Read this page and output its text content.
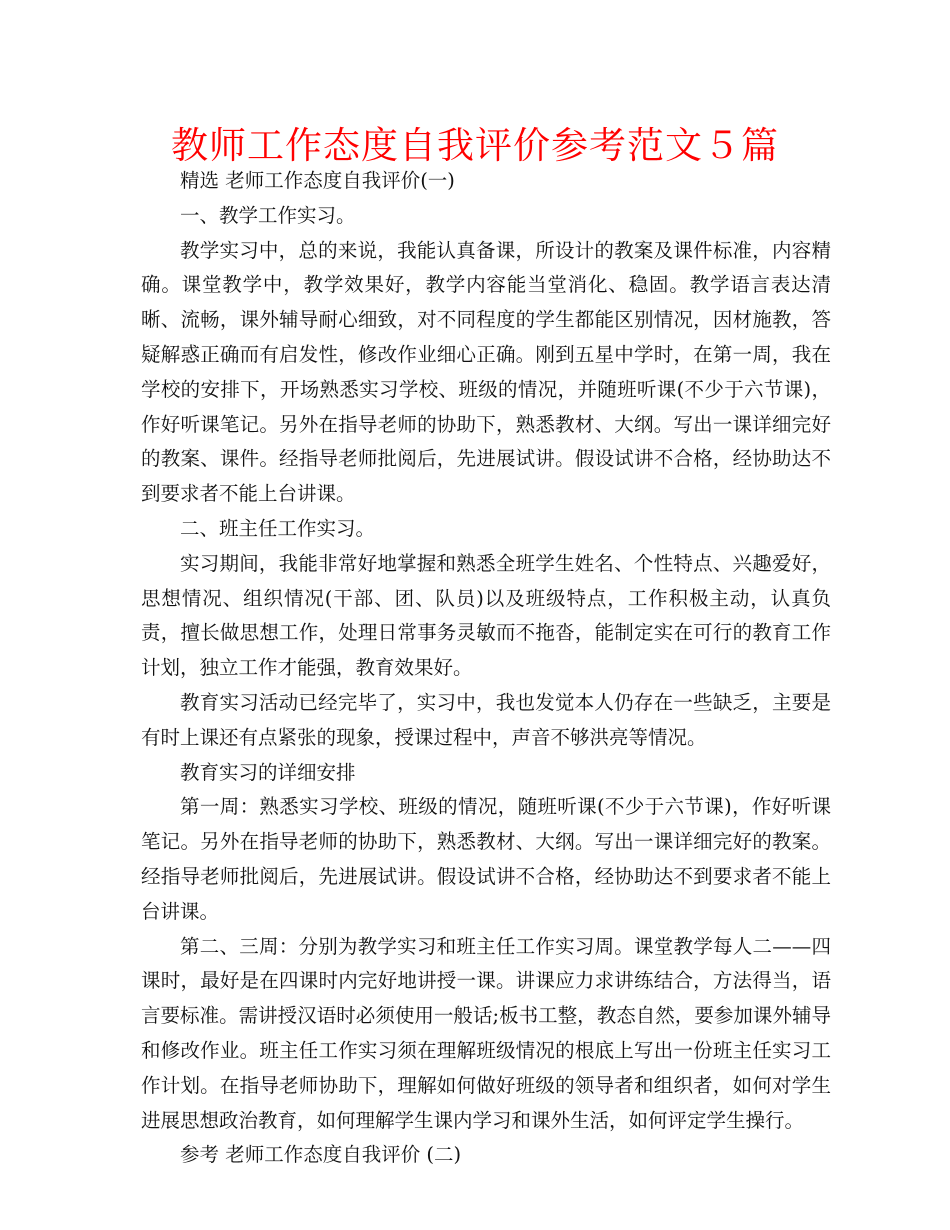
教师工作态度自我评价参考范文５篇

精选 老师工作态度自我评价(一)

一、教学工作实习。

教学实习中，总的来说，我能认真备课，所设计的教案及课件标准，内容精确。课堂教学中，教学效果好，教学内容能当堂消化、稳固。教学语言表达清晰、流畅，课外辅导耐心细致，对不同程度的学生都能区别情况，因材施教，答疑解惑正确而有启发性，修改作业细心正确。刚到五星中学时，在第一周，我在学校的安排下，开场熟悉实习学校、班级的情况，并随班听课(不少于六节课)，作好听课笔记。另外在指导老师的协助下，熟悉教材、大纲。写出一课详细完好的教案、课件。经指导老师批阅后，先进展试讲。假设试讲不合格，经协助达不到要求者不能上台讲课。

二、班主任工作实习。

实习期间，我能非常好地掌握和熟悉全班学生姓名、个性特点、兴趣爱好，思想情况、组织情况(干部、团、队员)以及班级特点，工作积极主动，认真负责，擅长做思想工作，处理日常事务灵敏而不拖沓，能制定实在可行的教育工作计划，独立工作才能强，教育效果好。

教育实习活动已经完毕了，实习中，我也发觉本人仍存在一些缺乏，主要是有时上课还有点紧张的现象，授课过程中，声音不够洪亮等情况。

教育实习的详细安排

第一周：熟悉实习学校、班级的情况，随班听课(不少于六节课)，作好听课笔记。另外在指导老师的协助下，熟悉教材、大纲。写出一课详细完好的教案。经指导老师批阅后，先进展试讲。假设试讲不合格，经协助达不到要求者不能上台讲课。

第二、三周：分别为教学实习和班主任工作实习周。课堂教学每人二——四课时，最好是在四课时内完好地讲授一课。讲课应力求讲练结合，方法得当，语言要标准。需讲授汉语时必须使用一般话;板书工整，教态自然，要参加课外辅导和修改作业。班主任工作实习须在理解班级情况的根底上写出一份班主任实习工作计划。在指导老师协助下，理解如何做好班级的领导者和组织者，如何对学生进展思想政治教育，如何理解学生课内学习和课外生活，如何评定学生操行。

参考 老师工作态度自我评价 (二)
